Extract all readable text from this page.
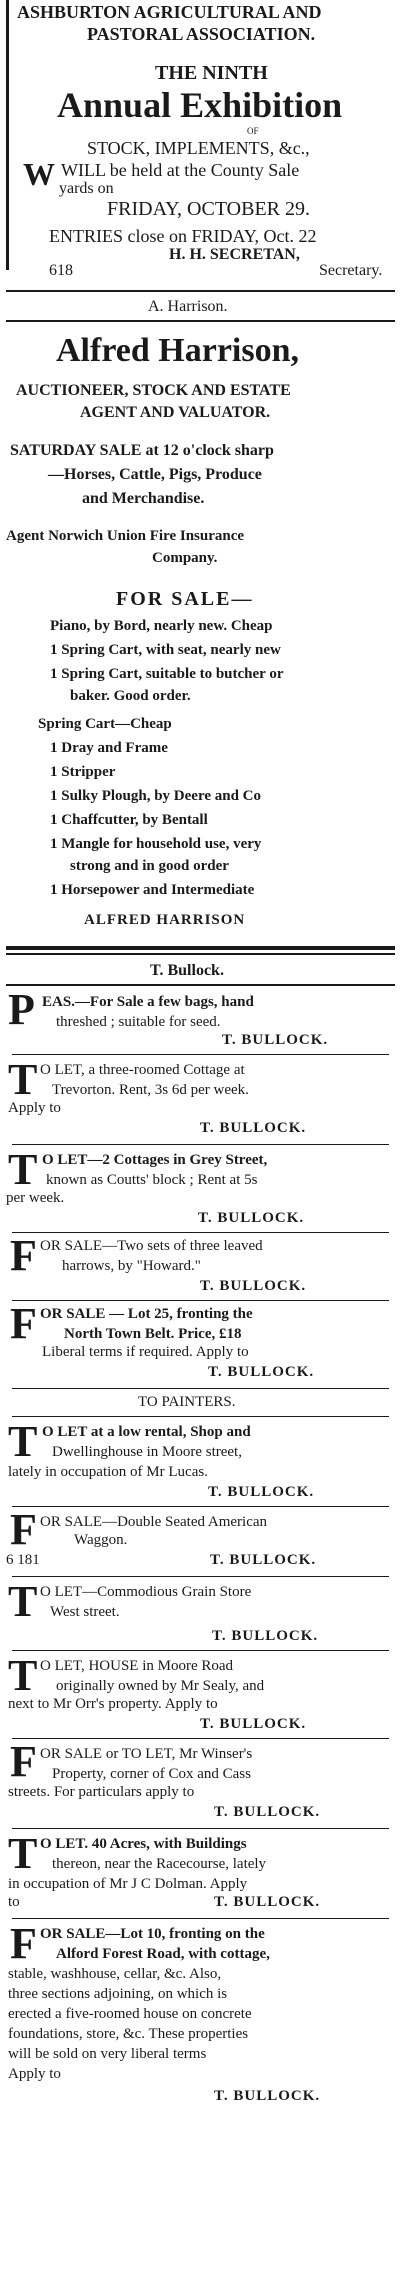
ASHBURTON AGRICULTURAL AND
PASTORAL ASSOCIATION.
THE NINTH
Annual Exhibition
OF
STOCK, IMPLEMENTS, &c.,
W WILL be held at the County Sale
yards on
FRIDAY, OCTOBER 29.
ENTRIES close on FRIDAY, Oct. 22
H. H. SECRETAN,
618	Secretary.
A. Harrison.
Alfred Harrison,
AUCTIONEER, STOCK AND ESTATE
AGENT AND VALUATOR.
SATURDAY SALE at 12 o'clock sharp
—Horses, Cattle, Pigs, Produce
and Merchandise.
Agent Norwich Union Fire Insurance
Company.
FOR SALE—
Piano, by Bord, nearly new. Cheap
1 Spring Cart, with seat, nearly new
1 Spring Cart, suitable to butcher or
baker. Good order.
Spring Cart—Cheap
1 Dray and Frame
1 Stripper
1 Sulky Plough, by Deere and Co
1 Chaffcutter, by Bentall
1 Mangle for household use, very
strong and in good order
1 Horsepower and Intermediate
ALFRED HARRISON
T. Bullock.
P EAS.—For Sale a few bags, hand
threshed ; suitable for seed.
T. BULLOCK.
T O LET, a three-roomed Cottage at
Trevorton. Rent, 3s 6d per week.
Apply to
T. BULLOCK.
T O LET—2 Cottages in Grey Street,
known as Coutts' block ; Rent at 5s
per week.
T. BULLOCK.
F OR SALE—Two sets of three leaved
harrows, by "Howard."
T. BULLOCK.
F OR SALE — Lot 25, fronting the
North Town Belt. Price, £18
Liberal terms if required. Apply to
T. BULLOCK.
TO PAINTERS.
T O LET at a low rental, Shop and
Dwellinghouse in Moore street,
lately in occupation of Mr Lucas.
T. BULLOCK.
F OR SALE—Double Seated American
Waggon.
6 181	T. BULLOCK.
T O LET—Commodious Grain Store
West street.
T. BULLOCK.
T O LET, HOUSE in Moore Road
originally owned by Mr Sealy, and
next to Mr Orr's property. Apply to
T. BULLOCK.
F OR SALE or TO LET, Mr Winser's
Property, corner of Cox and Cass
streets. For particulars apply to
T. BULLOCK.
T O LET. 40 Acres, with Buildings
thereon, near the Racecourse, lately
in occupation of Mr J C Dolman. Apply
to	T. BULLOCK.
F OR SALE—Lot 10, fronting on the
Alford Forest Road, with cottage,
stable, washhouse, cellar, &c. Also,
three sections adjoining, on which is
erected a five-roomed house on concrete
foundations, store, &c. These properties
will be sold on very liberal terms
Apply to
T. BULLOCK.
